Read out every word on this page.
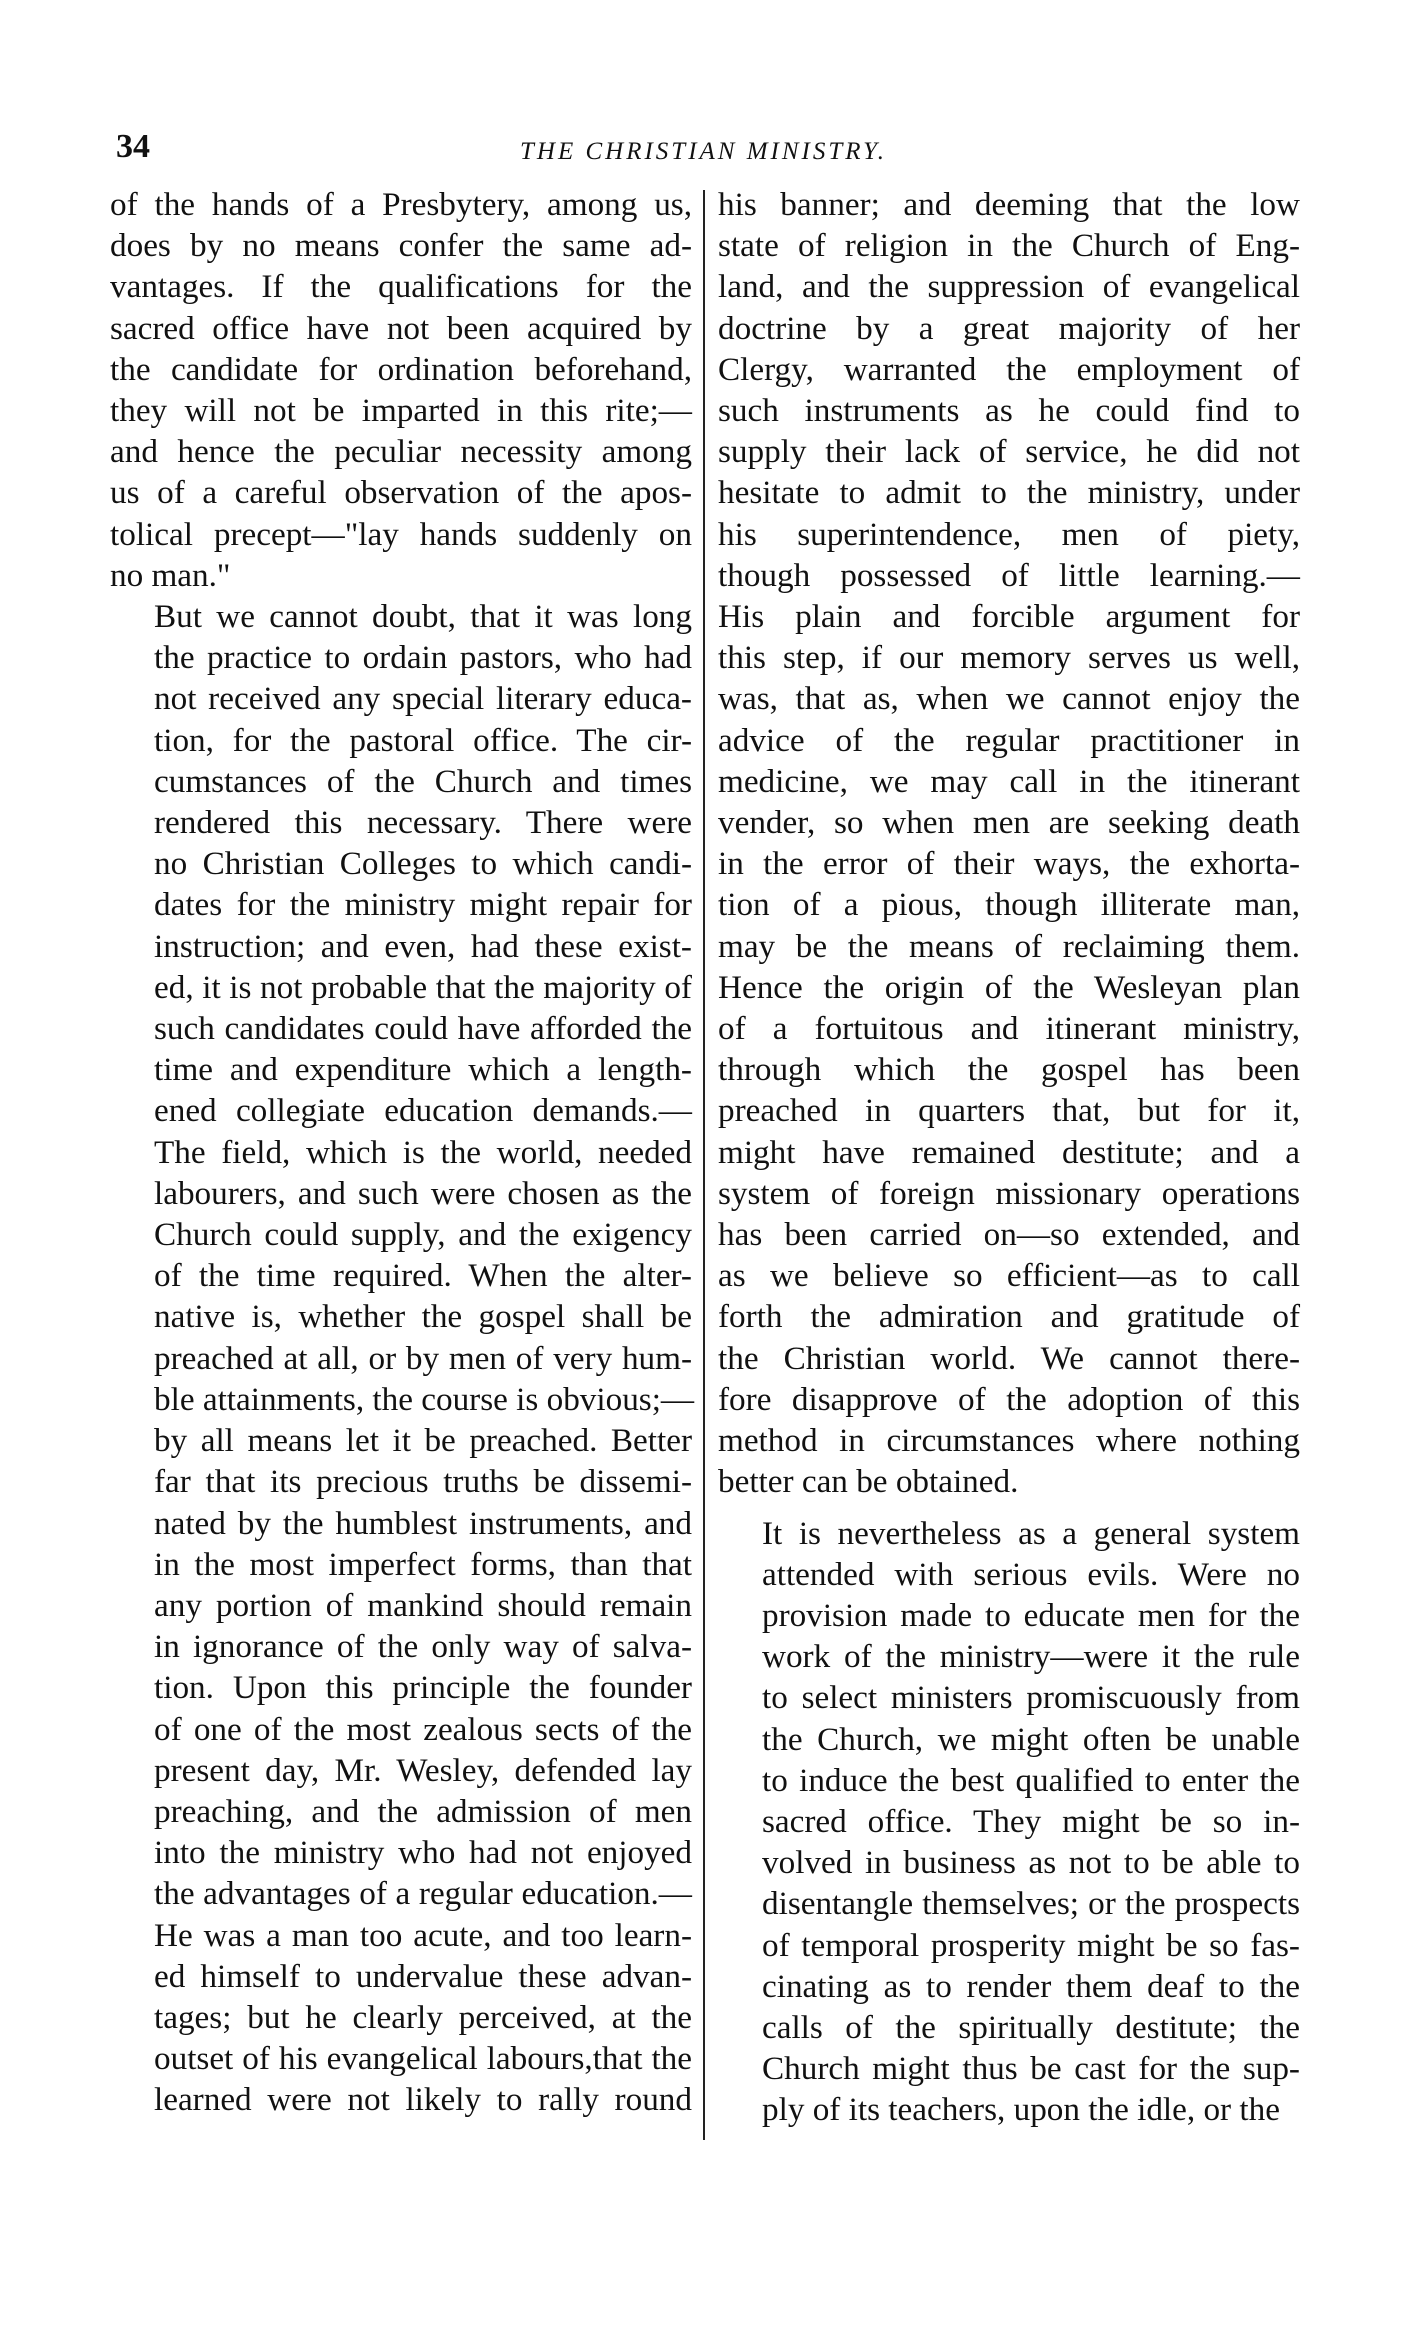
34	THE CHRISTIAN MINISTRY.

of the hands of a Presbytery, among us,
does by no means confer the same ad-
vantages. If the qualifications for the
sacred office have not been acquired by
the candidate for ordination beforehand,
they will not be imparted in this rite;—
and hence the peculiar necessity among
us of a careful observation of the apos-
tolical precept—"lay hands suddenly on
no man."

But we cannot doubt, that it was long
the practice to ordain pastors, who had
not received any special literary educa-
tion, for the pastoral office. The cir-
cumstances of the Church and times
rendered this necessary. There were
no Christian Colleges to which candi-
dates for the ministry might repair for
instruction; and even, had these exist-
ed, it is not probable that the majority of
such candidates could have afforded the
time and expenditure which a length-
ened collegiate education demands.—
The field, which is the world, needed
labourers, and such were chosen as the
Church could supply, and the exigency
of the time required. When the alter-
native is, whether the gospel shall be
preached at all, or by men of very hum-
ble attainments, the course is obvious;—
by all means let it be preached. Better
far that its precious truths be dissemi-
nated by the humblest instruments, and
in the most imperfect forms, than that
any portion of mankind should remain
in ignorance of the only way of salva-
tion. Upon this principle the founder
of one of the most zealous sects of the
present day, Mr. Wesley, defended lay
preaching, and the admission of men
into the ministry who had not enjoyed
the advantages of a regular education.—
He was a man too acute, and too learn-
ed himself to undervalue these advan-
tages; but he clearly perceived, at the
outset of his evangelical labours,that the
learned were not likely to rally round

his banner; and deeming that the low
state of religion in the Church of Eng-
land, and the suppression of evangelical
doctrine by a great majority of her
Clergy, warranted the employment of
such instruments as he could find to
supply their lack of service, he did not
hesitate to admit to the ministry, under
his superintendence, men of piety,
though possessed of little learning.—
His plain and forcible argument for
this step, if our memory serves us well,
was, that as, when we cannot enjoy the
advice of the regular practitioner in
medicine, we may call in the itinerant
vender, so when men are seeking death
in the error of their ways, the exhorta-
tion of a pious, though illiterate man,
may be the means of reclaiming them.
Hence the origin of the Wesleyan plan
of a fortuitous and itinerant ministry,
through which the gospel has been
preached in quarters that, but for it,
might have remained destitute; and a
system of foreign missionary operations
has been carried on—so extended, and
as we believe so efficient—as to call
forth the admiration and gratitude of
the Christian world. We cannot there-
fore disapprove of the adoption of this
method in circumstances where nothing
better can be obtained.

It is nevertheless as a general system
attended with serious evils. Were no
provision made to educate men for the
work of the ministry—were it the rule
to select ministers promiscuously from
the Church, we might often be unable
to induce the best qualified to enter the
sacred office. They might be so in-
volved in business as not to be able to
disentangle themselves; or the prospects
of temporal prosperity might be so fas-
cinating as to render them deaf to the
calls of the spiritually destitute; the
Church might thus be cast for the sup-
ply of its teachers, upon the idle, or the
